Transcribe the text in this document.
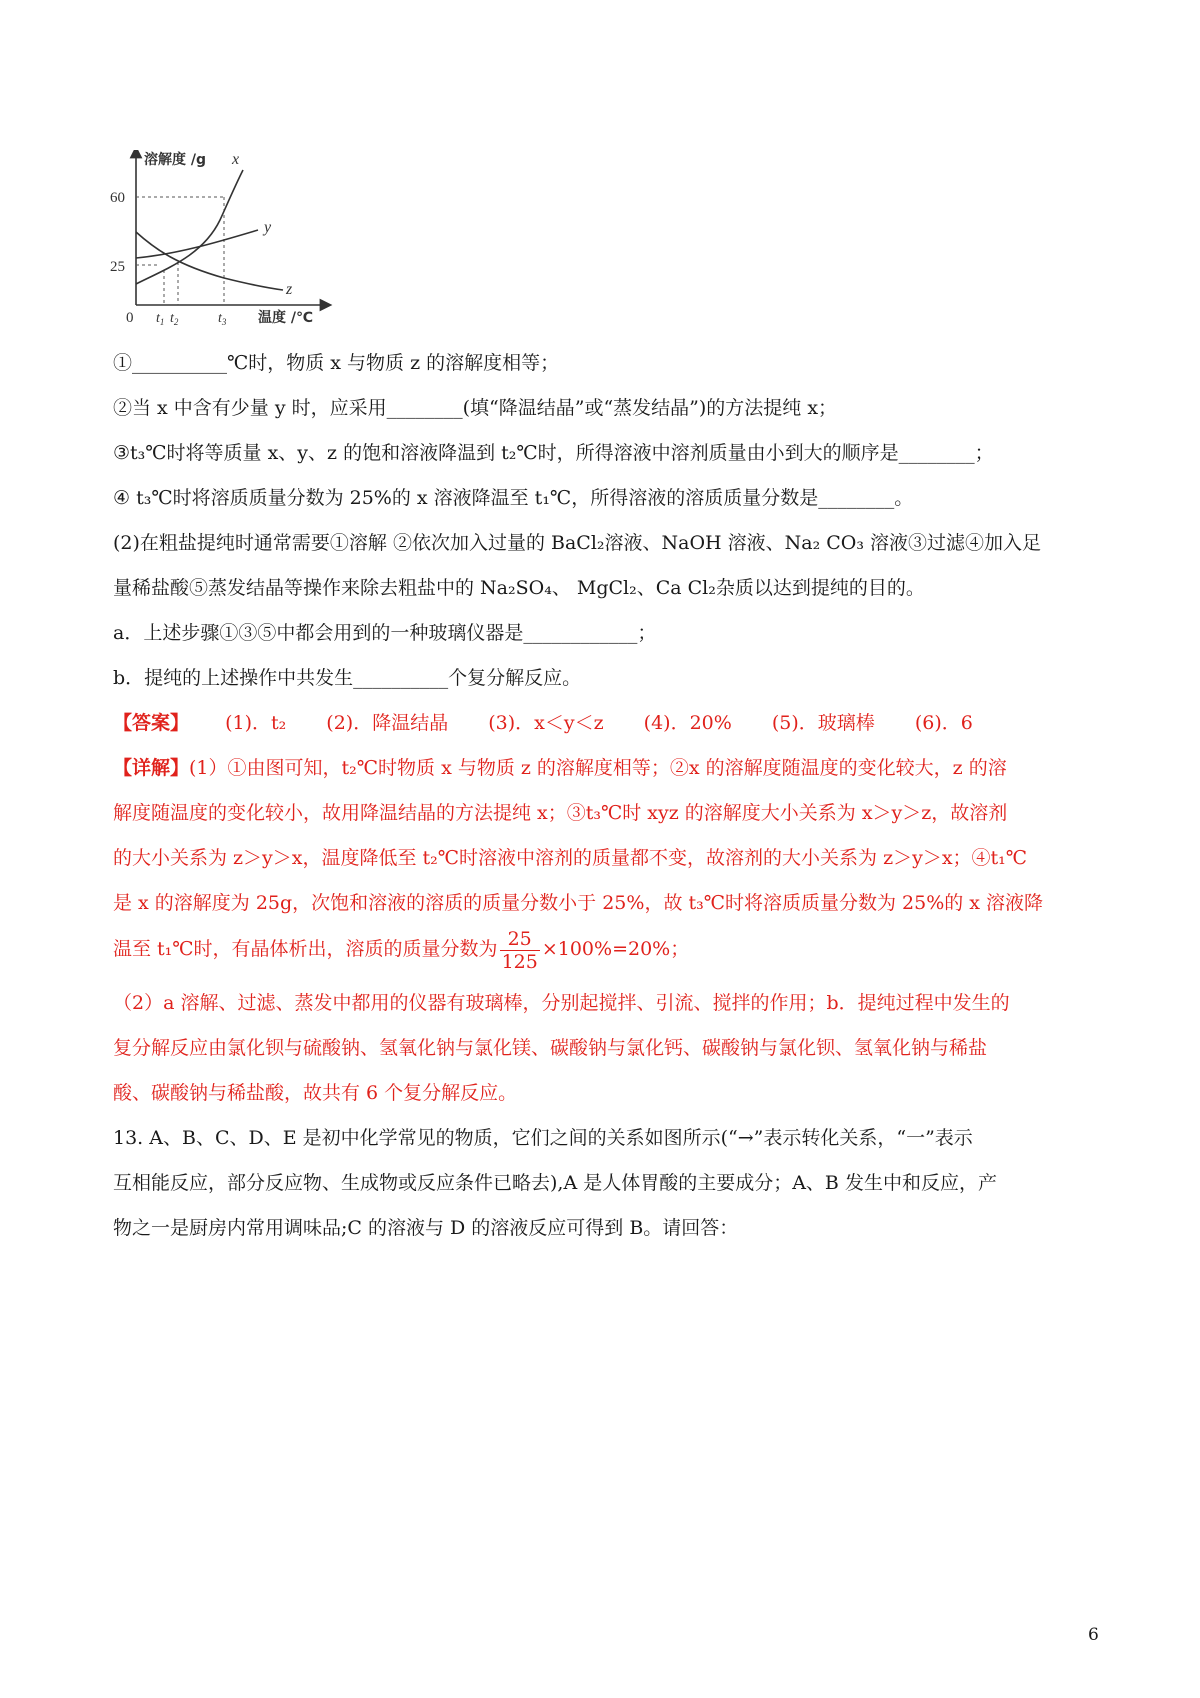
溶解度 /g
60
25
0 $t_1$ $t_2$	$t_3$ 温度 /℃
x
y
z
①__________℃时，物质 x 与物质 z 的溶解度相等；
②当 x 中含有少量 y 时，应采用________(填“降温结晶”或“蒸发结晶”)的方法提纯 x；
③t₃℃时将等质量 x、y、z 的饱和溶液降温到 t₂℃时，所得溶液中溶剂质量由小到大的顺序是________；
④ t₃℃时将溶质质量分数为 25%的 x 溶液降温至 t₁℃，所得溶液的溶质质量分数是________。
(2)在粗盐提纯时通常需要①溶解 ②依次加入过量的 BaCl₂溶液、NaOH 溶液、Na₂ CO₃ 溶液③过滤④加入足
量稀盐酸⑤蒸发结晶等操作来除去粗盐中的 Na₂SO₄、 MgCl₂、Ca Cl₂杂质以达到提纯的目的。
a．上述步骤①③⑤中都会用到的一种玻璃仪器是____________；
b．提纯的上述操作中共发生__________个复分解反应。
【答案】 (1)．t₂ (2)．降温结晶 (3)．x＜y＜z (4)．20% (5)．玻璃棒 (6)．6
【详解】(1）①由图可知，t₂℃时物质 x 与物质 z 的溶解度相等；②x 的溶解度随温度的变化较大，z 的溶
解度随温度的变化较小，故用降温结晶的方法提纯 x；③t₃℃时 xyz 的溶解度大小关系为 x＞y＞z，故溶剂
的大小关系为 z＞y＞x，温度降低至 t₂℃时溶液中溶剂的质量都不变，故溶剂的大小关系为 z＞y＞x；④t₁℃
是 x 的溶解度为 25g，次饱和溶液的溶质的质量分数小于 25%，故 t₃℃时将溶质质量分数为 25%的 x 溶液降
温至 t₁℃时，有晶体析出，溶质的质量分数为 $\frac{25}{125} \times 100\%=20\%$；
（2）a 溶解、过滤、蒸发中都用的仪器有玻璃棒，分别起搅拌、引流、搅拌的作用；b．提纯过程中发生的
复分解反应由氯化钡与硫酸钠、氢氧化钠与氯化镁、碳酸钠与氯化钙、碳酸钠与氯化钡、氢氧化钠与稀盐
酸、碳酸钠与稀盐酸，故共有 6 个复分解反应。
13. A、B、C、D、E 是初中化学常见的物质，它们之间的关系如图所示(“→”表示转化关系，“一”表示
互相能反应，部分反应物、生成物或反应条件已略去),A 是人体胃酸的主要成分；A、B 发生中和反应，产
物之一是厨房内常用调味品;C 的溶液与 D 的溶液反应可得到 B。请回答：
6
